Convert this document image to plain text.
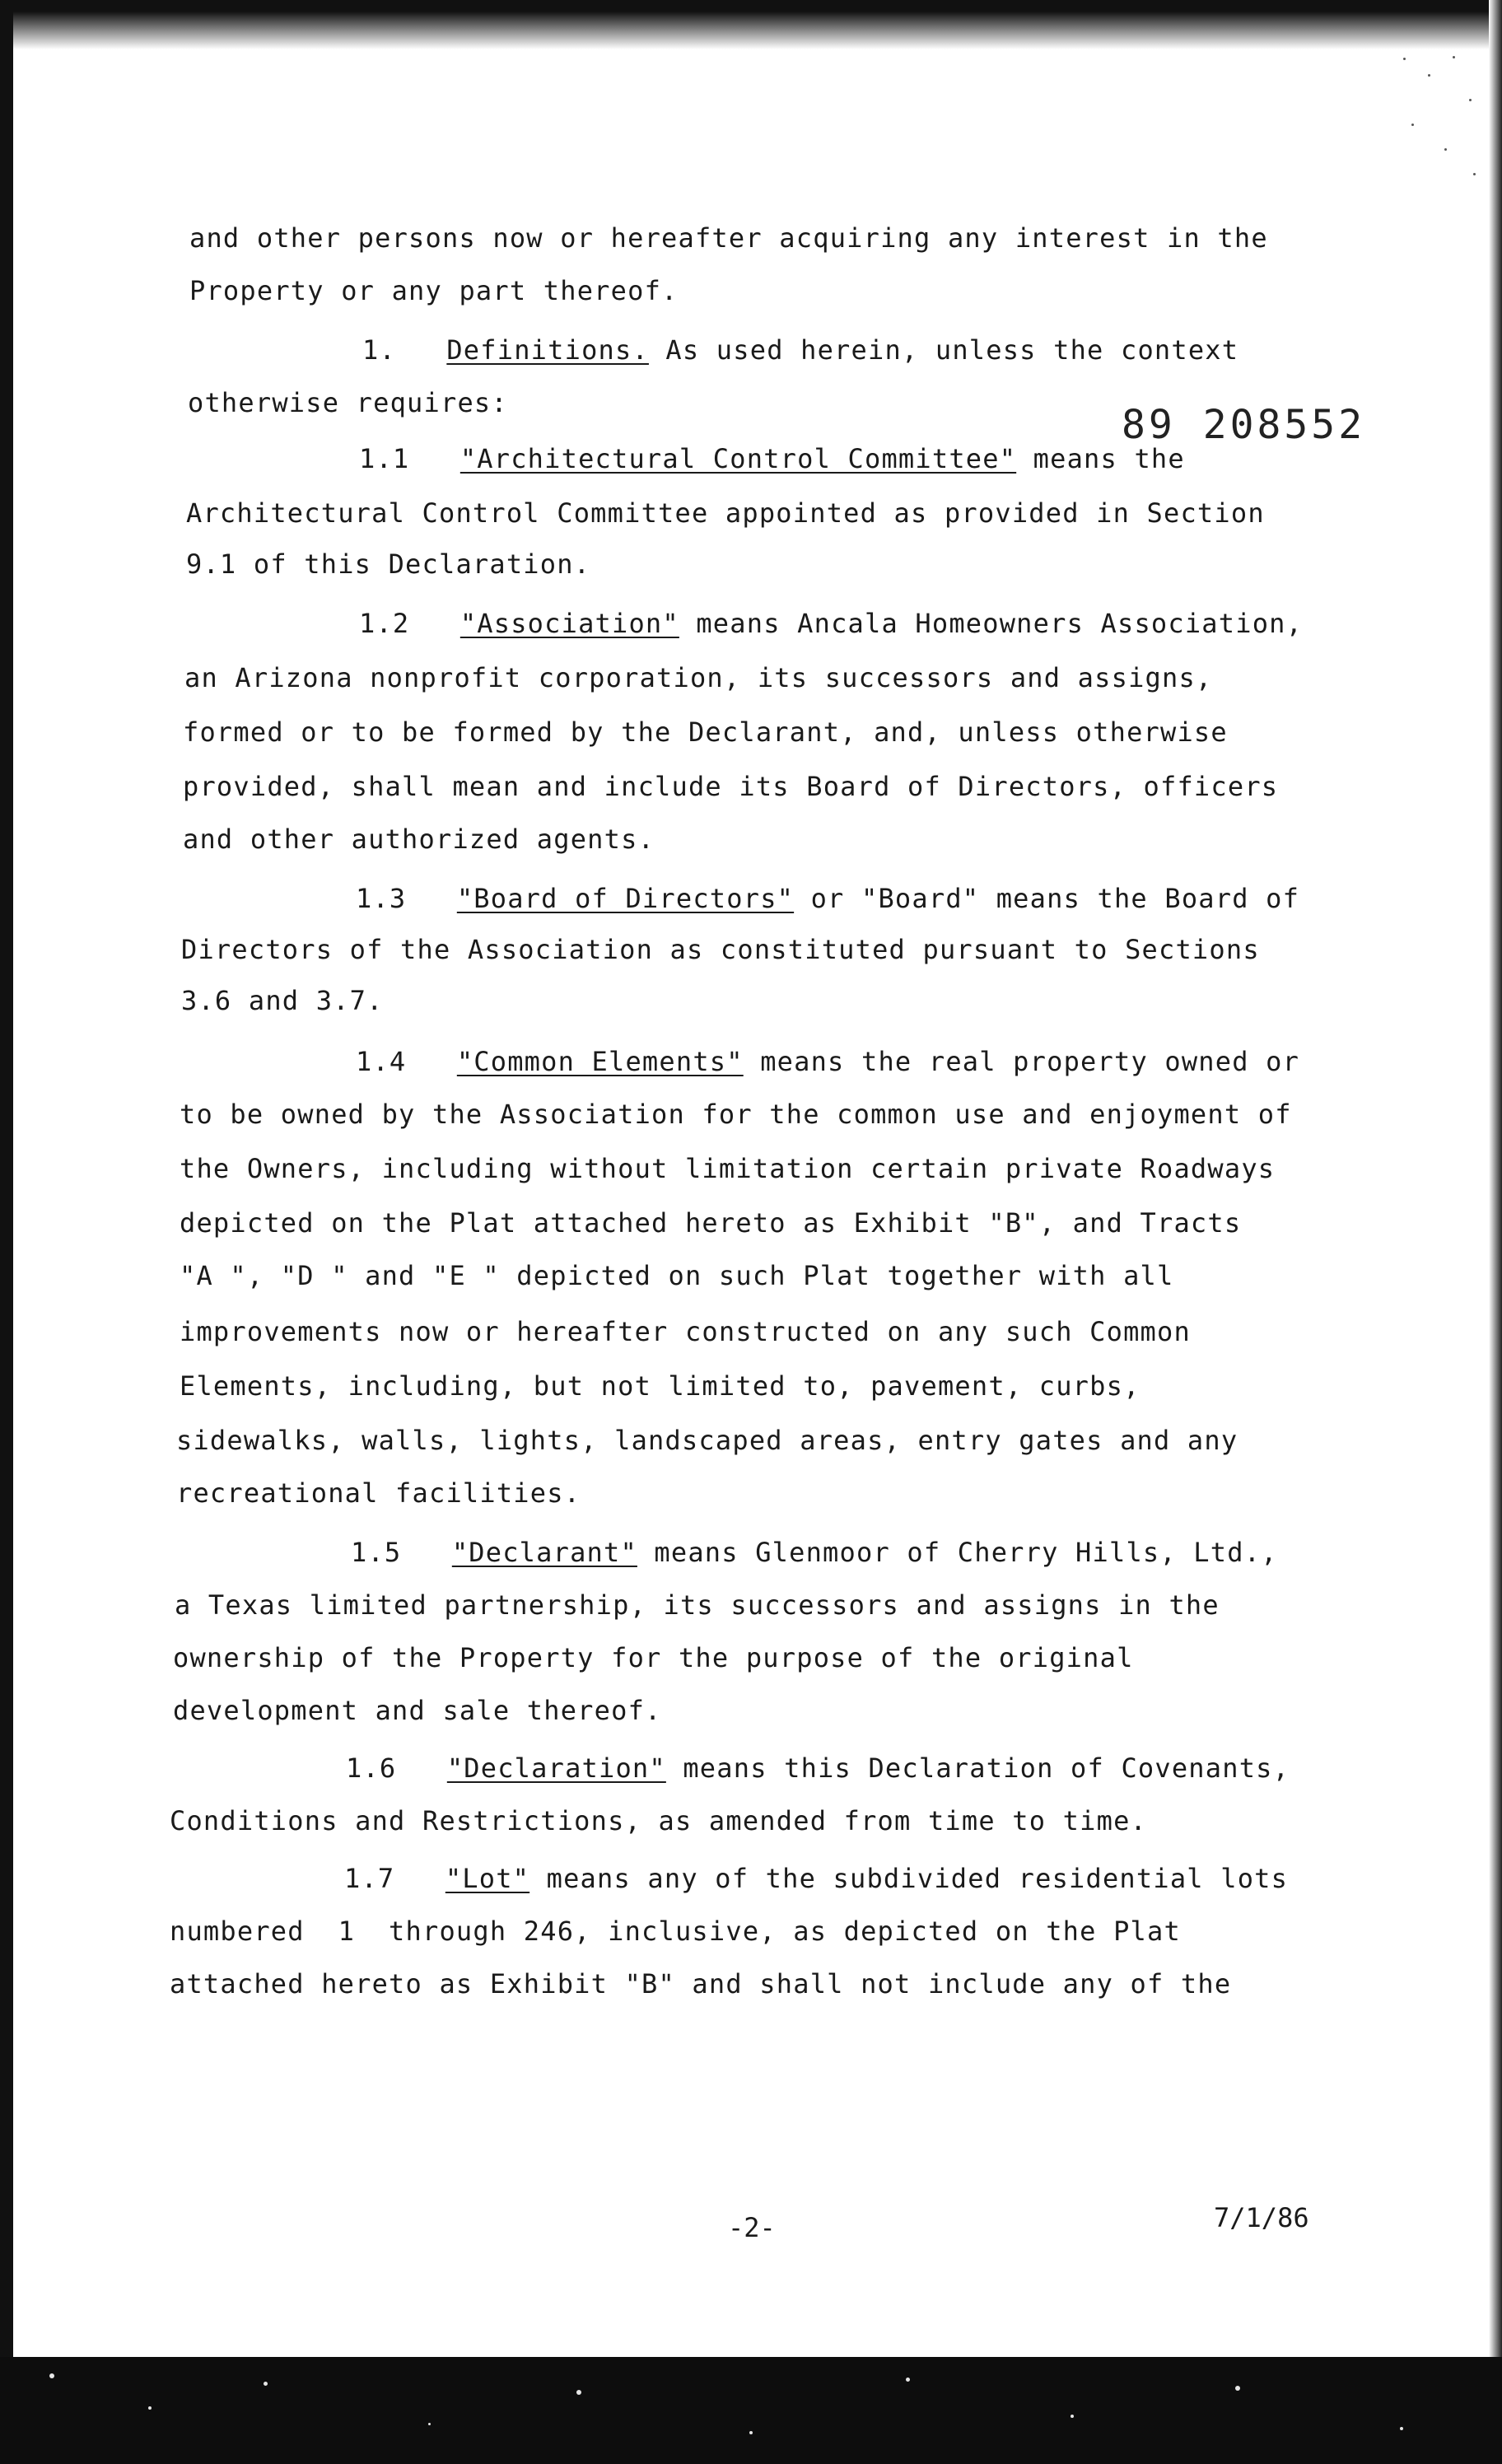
89 208552
and other persons now or hereafter acquiring any interest in the
Property or any part thereof.
1. Definitions. As used herein, unless the context
otherwise requires:
1.1 "Architectural Control Committee" means the
Architectural Control Committee appointed as provided in Section
9.1 of this Declaration.
1.2 "Association" means Ancala Homeowners Association,
an Arizona nonprofit corporation, its successors and assigns,
formed or to be formed by the Declarant, and, unless otherwise
provided, shall mean and include its Board of Directors, officers
and other authorized agents.
1.3 "Board of Directors" or "Board" means the Board of
Directors of the Association as constituted pursuant to Sections
3.6 and 3.7.
1.4 "Common Elements" means the real property owned or
to be owned by the Association for the common use and enjoyment of
the Owners, including without limitation certain private Roadways
depicted on the Plat attached hereto as Exhibit "B", and Tracts
"A ", "D " and "E " depicted on such Plat together with all
improvements now or hereafter constructed on any such Common
Elements, including, but not limited to, pavement, curbs,
sidewalks, walls, lights, landscaped areas, entry gates and any
recreational facilities.
1.5 "Declarant" means Glenmoor of Cherry Hills, Ltd.,
a Texas limited partnership, its successors and assigns in the
ownership of the Property for the purpose of the original
development and sale thereof.
1.6 "Declaration" means this Declaration of Covenants,
Conditions and Restrictions, as amended from time to time.
1.7 "Lot" means any of the subdivided residential lots
numbered  1  through 246, inclusive, as depicted on the Plat
attached hereto as Exhibit "B" and shall not include any of the
-2-	7/1/86
